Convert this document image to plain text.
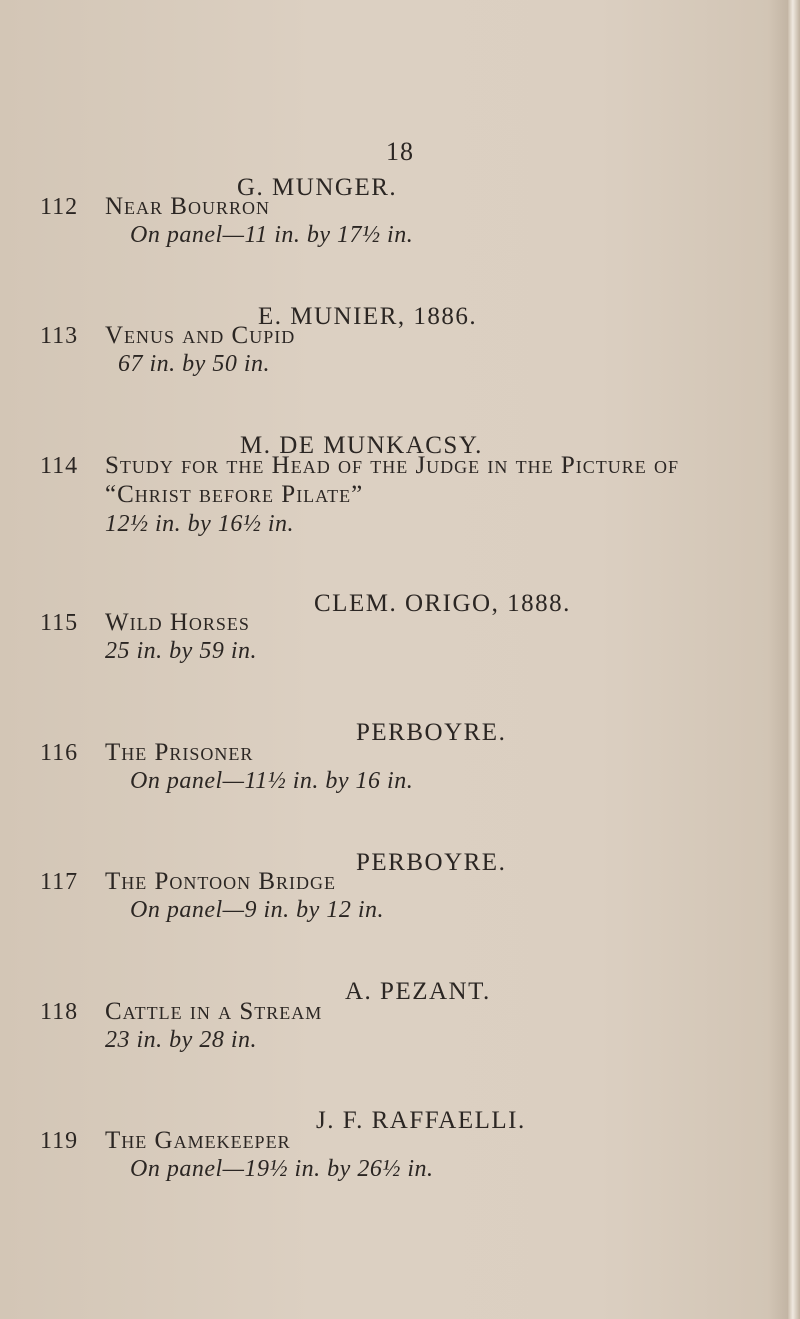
18
G. MUNGER.
112 Near Bourron
On panel—11 in. by 17½ in.
E. MUNIER, 1886.
113 Venus and Cupid
67 in. by 50 in.
M. DE MUNKACSY.
114 Study for the Head of the Judge in the Picture of
“Christ before Pilate”
12½ in. by 16½ in.
CLEM. ORIGO, 1888.
115 Wild Horses
25 in. by 59 in.
PERBOYRE.
116 The Prisoner
On panel—11½ in. by 16 in.
PERBOYRE.
117 The Pontoon Bridge
On panel—9 in. by 12 in.
A. PEZANT.
118 Cattle in a Stream
23 in. by 28 in.
J. F. RAFFAELLI.
119 The Gamekeeper
On panel—19½ in. by 26½ in.
